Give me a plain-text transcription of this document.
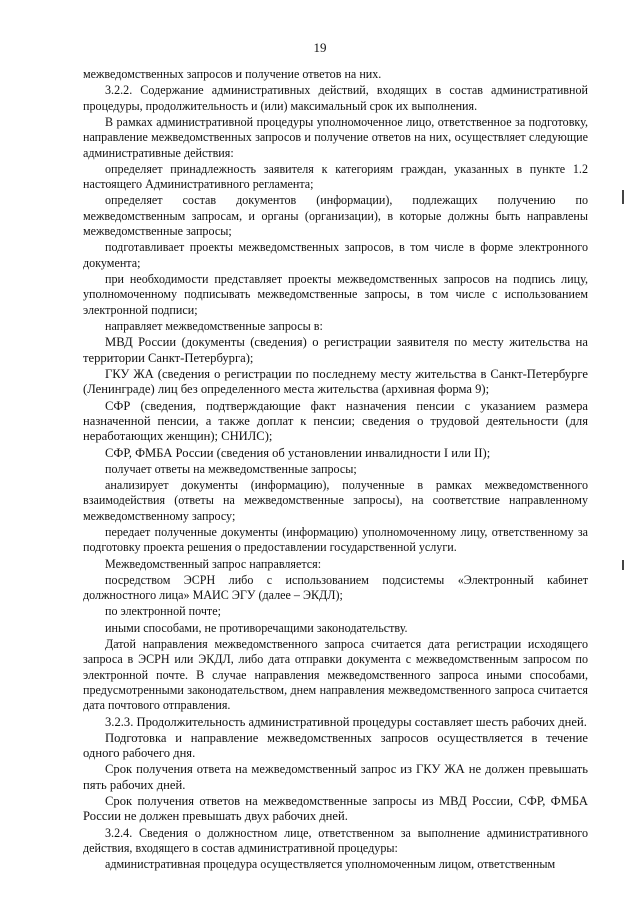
19

межведомственных запросов и получение ответов на них.

3.2.2. Содержание административных действий, входящих в состав административной процедуры, продолжительность и (или) максимальный срок их выполнения.

В рамках административной процедуры уполномоченное лицо, ответственное за подготовку, направление межведомственных запросов и получение ответов на них, осуществляет следующие административные действия:

определяет принадлежность заявителя к категориям граждан, указанных в пункте 1.2 настоящего Административного регламента;

определяет состав документов (информации), подлежащих получению по межведомственным запросам, и органы (организации), в которые должны быть направлены межведомственные запросы;

подготавливает проекты межведомственных запросов, в том числе в форме электронного документа;

при необходимости представляет проекты межведомственных запросов на подпись лицу, уполномоченному подписывать межведомственные запросы, в том числе с использованием электронной подписи;

направляет межведомственные запросы в:

МВД России (документы (сведения) о регистрации заявителя по месту жительства на территории Санкт-Петербурга);

ГКУ ЖА (сведения о регистрации по последнему месту жительства в Санкт-Петербурге (Ленинграде) лиц без определенного места жительства (архивная форма 9);

СФР (сведения, подтверждающие факт назначения пенсии с указанием размера назначенной пенсии, а также доплат к пенсии; сведения о трудовой деятельности (для неработающих женщин); СНИЛС);

СФР, ФМБА России (сведения об установлении инвалидности I или II);

получает ответы на межведомственные запросы;

анализирует документы (информацию), полученные в рамках межведомственного взаимодействия (ответы на межведомственные запросы), на соответствие направленному межведомственному запросу;

передает полученные документы (информацию) уполномоченному лицу, ответственному за подготовку проекта решения о предоставлении государственной услуги.

Межведомственный запрос направляется:

посредством ЭСРН либо с использованием подсистемы «Электронный кабинет должностного лица» МАИС ЭГУ (далее – ЭКДЛ);

по электронной почте;

иными способами, не противоречащими законодательству.

Датой направления межведомственного запроса считается дата регистрации исходящего запроса в ЭСРН или ЭКДЛ, либо дата отправки документа с межведомственным запросом по электронной почте. В случае направления межведомственного запроса иными способами, предусмотренными законодательством, днем направления межведомственного запроса считается дата почтового отправления.

3.2.3. Продолжительность административной процедуры составляет шесть рабочих дней.

Подготовка и направление межведомственных запросов осуществляется в течение одного рабочего дня.

Срок получения ответа на межведомственный запрос из ГКУ ЖА не должен превышать пять рабочих дней.

Срок получения ответов на межведомственные запросы из МВД России, СФР, ФМБА России не должен превышать двух рабочих дней.

3.2.4. Сведения о должностном лице, ответственном за выполнение административного действия, входящего в состав административной процедуры:

административная процедура осуществляется уполномоченным лицом, ответственным
